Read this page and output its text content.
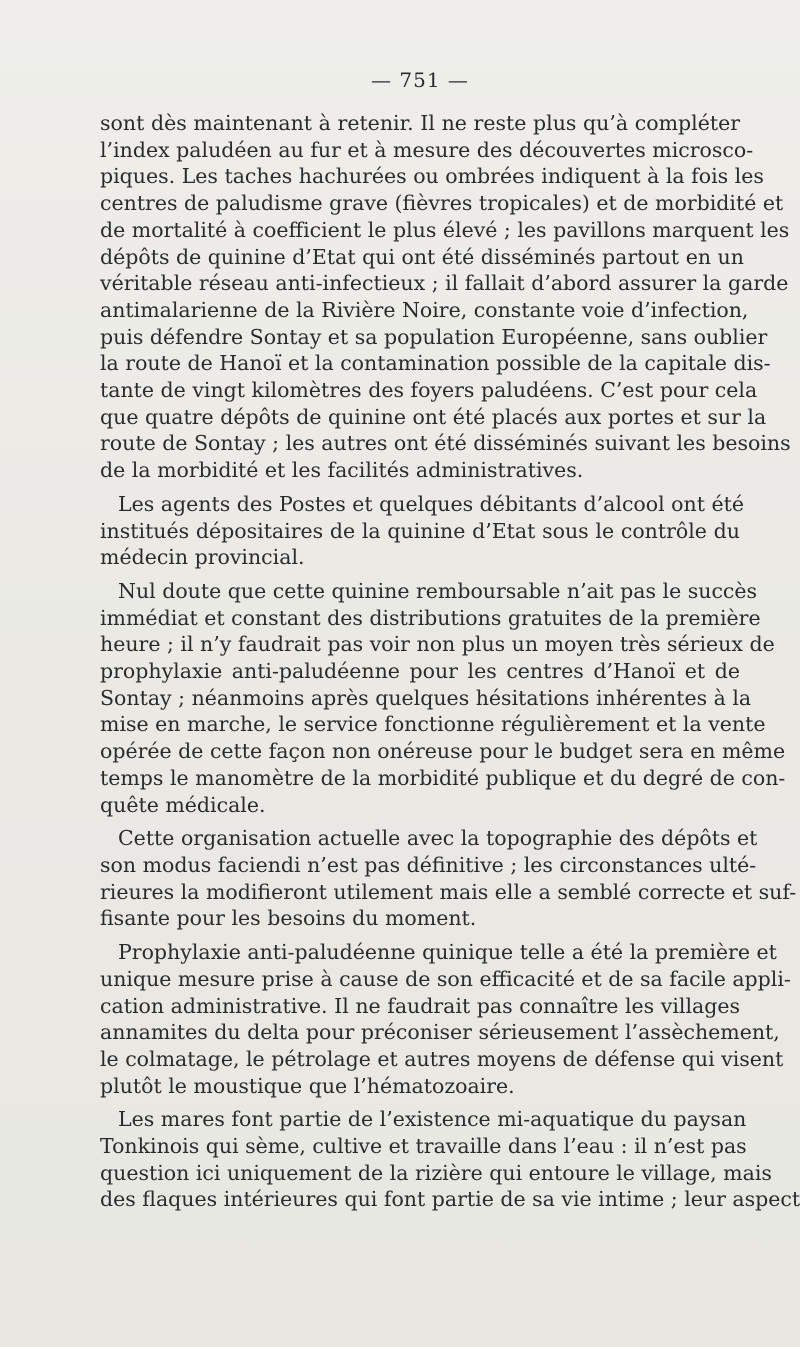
— 751 —

sont dès maintenant à retenir. Il ne reste plus qu’à compléter
l’index paludéen au fur et à mesure des découvertes microsco-
piques. Les taches hachurées ou ombrées indiquent à la fois les
centres de paludisme grave (fièvres tropicales) et de morbidité et
de mortalité à coefficient le plus élevé ; les pavillons marquent les
dépôts de quinine d’Etat qui ont été disséminés partout en un
véritable réseau anti-infectieux ; il fallait d’abord assurer la garde
antimalarienne de la Rivière Noire, constante voie d’infection,
puis défendre Sontay et sa population Européenne, sans oublier
la route de Hanoï et la contamination possible de la capitale dis-
tante de vingt kilomètres des foyers paludéens. C’est pour cela
que quatre dépôts de quinine ont été placés aux portes et sur la
route de Sontay ; les autres ont été disséminés suivant les besoins
de la morbidité et les facilités administratives.

Les agents des Postes et quelques débitants d’alcool ont été
institués dépositaires de la quinine d’Etat sous le contrôle du
médecin provincial.

Nul doute que cette quinine remboursable n’ait pas le succès
immédiat et constant des distributions gratuites de la première
heure ; il n’y faudrait pas voir non plus un moyen très sérieux de
prophylaxie anti-paludéenne pour les centres d’Hanoï et de
Sontay ; néanmoins après quelques hésitations inhérentes à la
mise en marche, le service fonctionne régulièrement et la vente
opérée de cette façon non onéreuse pour le budget sera en même
temps le manomètre de la morbidité publique et du degré de con-
quête médicale.

Cette organisation actuelle avec la topographie des dépôts et
son modus faciendi n’est pas définitive ; les circonstances ulté-
rieures la modifieront utilement mais elle a semblé correcte et suf-
fisante pour les besoins du moment.

Prophylaxie anti-paludéenne quinique telle a été la première et
unique mesure prise à cause de son efficacité et de sa facile appli-
cation administrative. Il ne faudrait pas connaître les villages
annamites du delta pour préconiser sérieusement l’assèchement,
le colmatage, le pétrolage et autres moyens de défense qui visent
plutôt le moustique que l’hématozoaire.

Les mares font partie de l’existence mi-aquatique du paysan
Tonkinois qui sème, cultive et travaille dans l’eau : il n’est pas
question ici uniquement de la rizière qui entoure le village, mais
des flaques intérieures qui font partie de sa vie intime ; leur aspect
